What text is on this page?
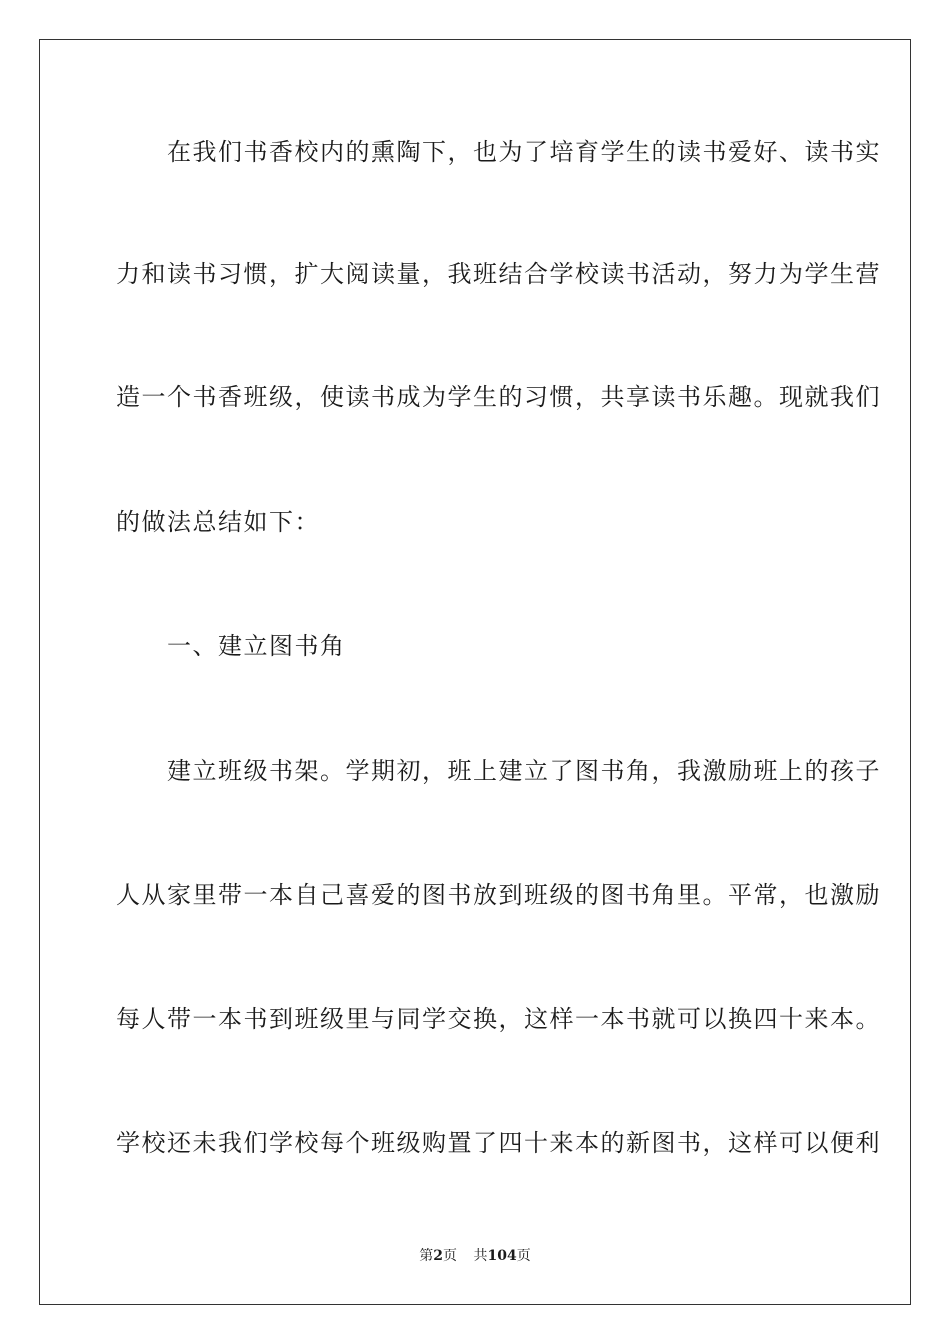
　　在我们书香校内的熏陶下，也为了培育学生的读书爱好、读书实
力和读书习惯，扩大阅读量，我班结合学校读书活动，努力为学生营
造一个书香班级，使读书成为学生的习惯，共享读书乐趣。现就我们
的做法总结如下：
　　一、建立图书角
　　建立班级书架。学期初，班上建立了图书角，我激励班上的孩子
人从家里带一本自己喜爱的图书放到班级的图书角里。平常，也激励
每人带一本书到班级里与同学交换，这样一本书就可以换四十来本。
学校还未我们学校每个班级购置了四十来本的新图书，这样可以便利
第2页 共104页
